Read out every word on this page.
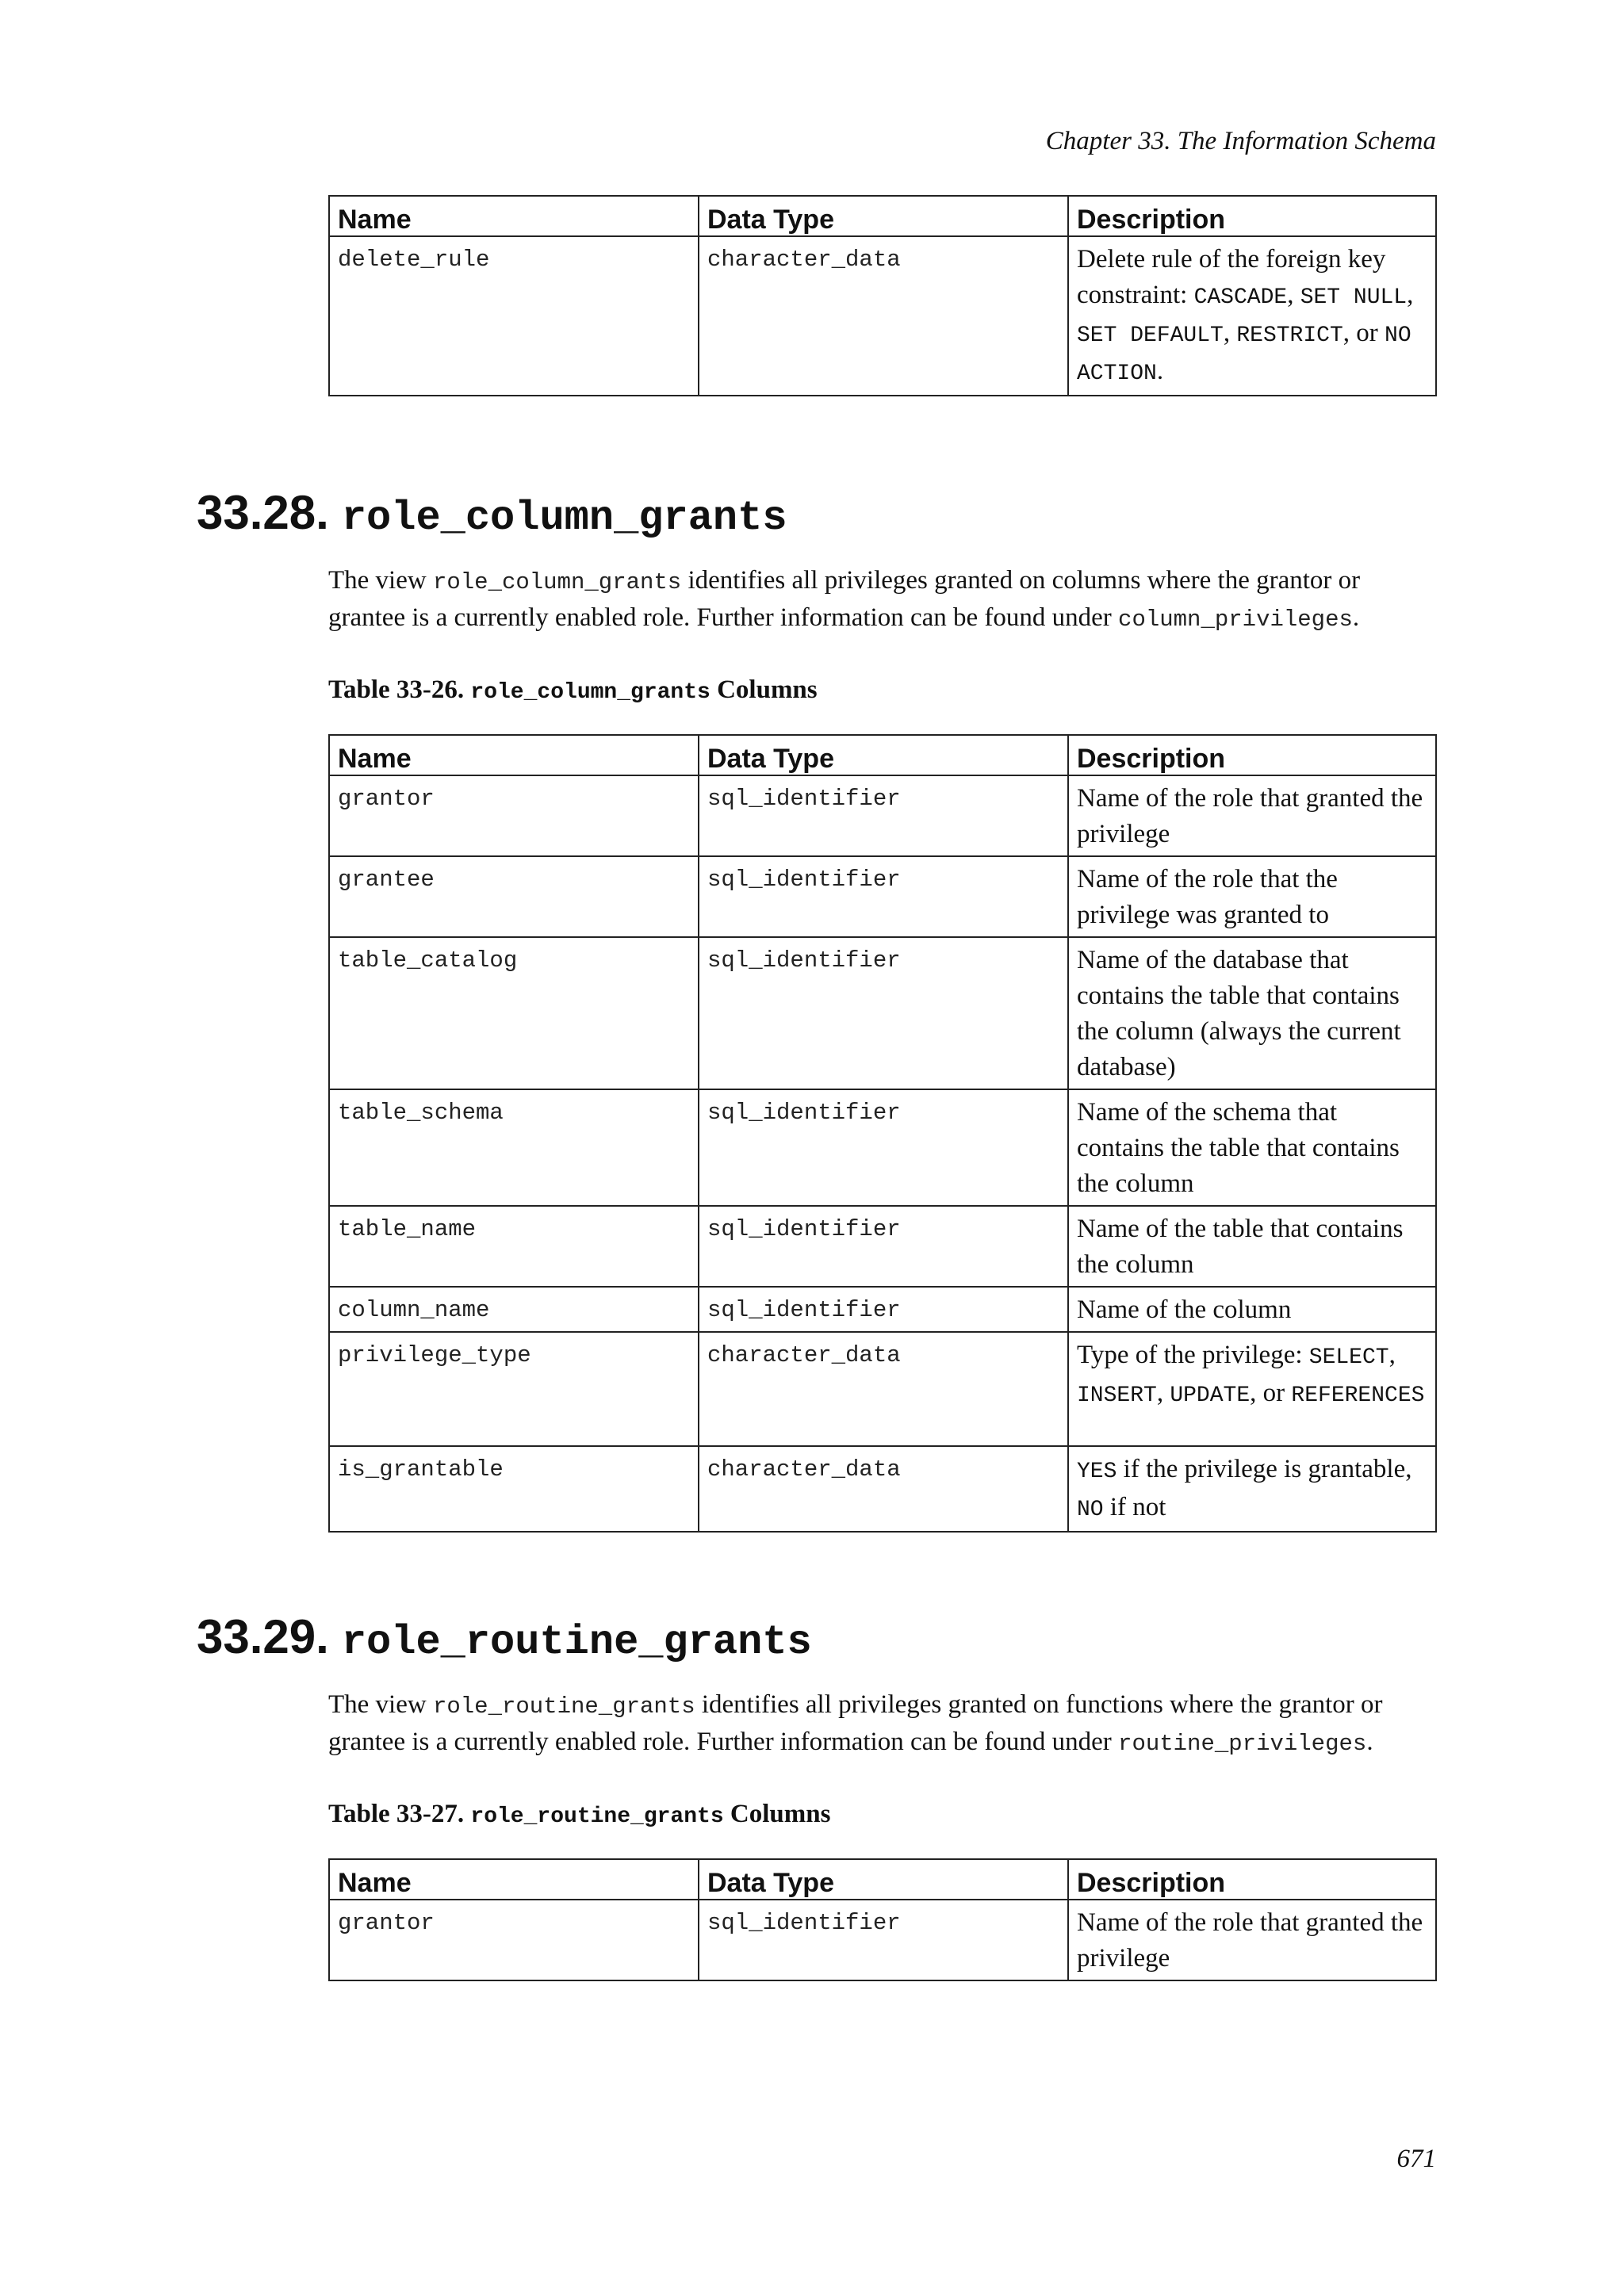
Chapter 33. The Information Schema
Name	Data Type	Description
delete_rule	character_data	Delete rule of the foreign key constraint: CASCADE, SET NULL, SET DEFAULT, RESTRICT, or NO ACTION.
33.28. role_column_grants

The view role_column_grants identifies all privileges granted on columns where the grantor or grantee is a currently enabled role. Further information can be found under column_privileges.

Table 33-26. role_column_grants Columns

Name	Data Type	Description
grantor	sql_identifier	Name of the role that granted the privilege
grantee	sql_identifier	Name of the role that the privilege was granted to
table_catalog	sql_identifier	Name of the database that contains the table that contains the column (always the current database)
table_schema	sql_identifier	Name of the schema that contains the table that contains the column
table_name	sql_identifier	Name of the table that contains the column
column_name	sql_identifier	Name of the column
privilege_type	character_data	Type of the privilege: SELECT, INSERT, UPDATE, or REFERENCES
is_grantable	character_data	YES if the privilege is grantable, NO if not
33.29. role_routine_grants

The view role_routine_grants identifies all privileges granted on functions where the grantor or grantee is a currently enabled role. Further information can be found under routine_privileges.

Table 33-27. role_routine_grants Columns

Name	Data Type	Description
grantor	sql_identifier	Name of the role that granted the privilege
671
